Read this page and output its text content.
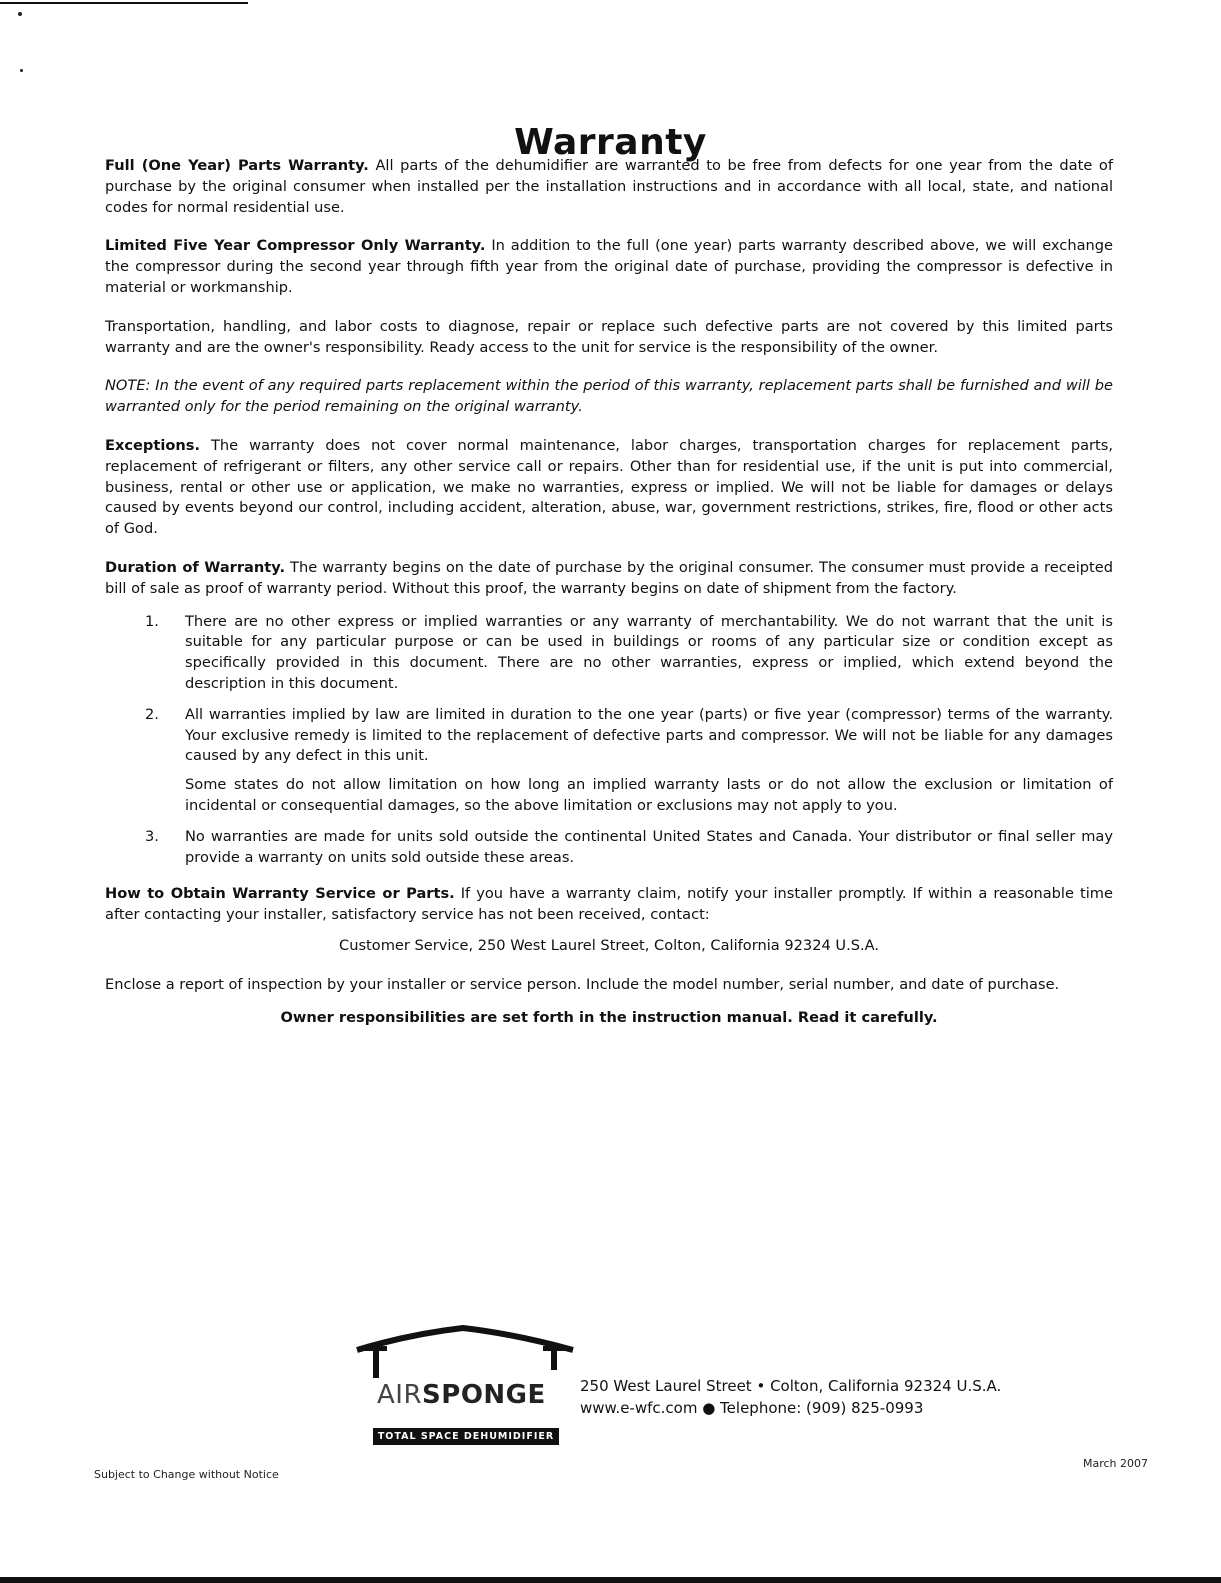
Warranty

Full (One Year) Parts Warranty. All parts of the dehumidifier are warranted to be free from defects for one year from the date of purchase by the original consumer when installed per the installation instructions and in accordance with all local, state, and national codes for normal residential use.

Limited Five Year Compressor Only Warranty. In addition to the full (one year) parts warranty described above, we will exchange the compressor during the second year through fifth year from the original date of purchase, providing the compressor is defective in material or workmanship.

Transportation, handling, and labor costs to diagnose, repair or replace such defective parts are not covered by this limited parts warranty and are the owner's responsibility. Ready access to the unit for service is the responsibility of the owner.

NOTE: In the event of any required parts replacement within the period of this warranty, replacement parts shall be furnished and will be warranted only for the period remaining on the original warranty.

Exceptions. The warranty does not cover normal maintenance, labor charges, transportation charges for replacement parts, replacement of refrigerant or filters, any other service call or repairs. Other than for residential use, if the unit is put into commercial, business, rental or other use or application, we make no warranties, express or implied. We will not be liable for damages or delays caused by events beyond our control, including accident, alteration, abuse, war, government restrictions, strikes, fire, flood or other acts of God.

Duration of Warranty. The warranty begins on the date of purchase by the original consumer. The consumer must provide a receipted bill of sale as proof of warranty period. Without this proof, the warranty begins on date of shipment from the factory.

1. There are no other express or implied warranties or any warranty of merchantability. We do not warrant that the unit is suitable for any particular purpose or can be used in buildings or rooms of any particular size or condition except as specifically provided in this document. There are no other warranties, express or implied, which extend beyond the description in this document.

2. All warranties implied by law are limited in duration to the one year (parts) or five year (compressor) terms of the warranty. Your exclusive remedy is limited to the replacement of defective parts and compressor. We will not be liable for any damages caused by any defect in this unit.

Some states do not allow limitation on how long an implied warranty lasts or do not allow the exclusion or limitation of incidental or consequential damages, so the above limitation or exclusions may not apply to you.

3. No warranties are made for units sold outside the continental United States and Canada. Your distributor or final seller may provide a warranty on units sold outside these areas.

How to Obtain Warranty Service or Parts. If you have a warranty claim, notify your installer promptly. If within a reasonable time after contacting your installer, satisfactory service has not been received, contact:

Customer Service, 250 West Laurel Street, Colton, California 92324 U.S.A.

Enclose a report of inspection by your installer or service person. Include the model number, serial number, and date of purchase.

Owner responsibilities are set forth in the instruction manual. Read it carefully.

AIRSPONGE
TOTAL SPACE DEHUMIDIFIER
250 West Laurel Street • Colton, California 92324 U.S.A.
www.e-wfc.com ● Telephone: (909) 825-0993
Subject to Change without Notice
March 2007
